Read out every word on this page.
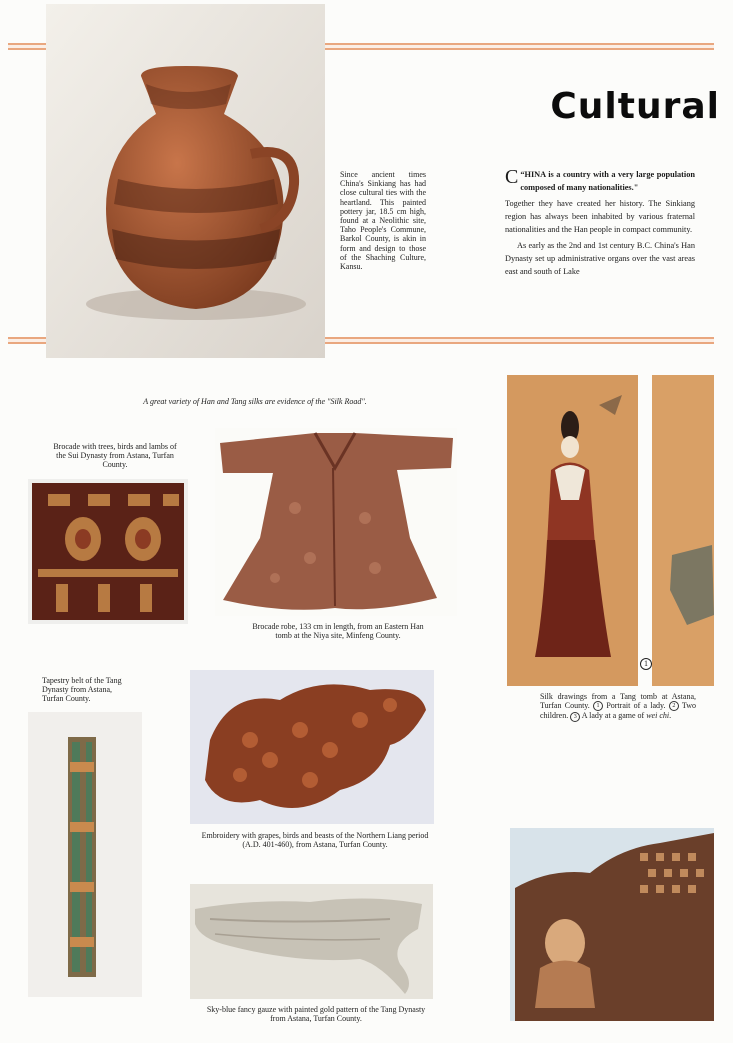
Since ancient times China's Sinkiang has had close cultural ties with the heartland. This painted pottery jar, 18.5 cm high, found at a Neolithic site, Taho People's Commune, Barkol County, is akin in form and design to those of the Shaching Culture, Kansu.
Cultural

“
C HINA is a country with a very large population composed of many nationalities."

Together they have created her history. The Sinkiang region has always been inhabited by various fraternal nationalities and the Han people in compact community.

As early as the 2nd and 1st century B.C. China's Han Dynasty set up administrative organs over the vast areas east and south of Lake

A great variety of Han and Tang silks are evidence of the "Silk Road".
Brocade with trees, birds and lambs of the Sui Dynasty from Astana, Turfan County.
Brocade robe, 133 cm in length, from an Eastern Han tomb at the Niya site, Minfeng County.
1
Silk drawings from a Tang tomb at Astana, Turfan County. 1 Portrait of a lady. 2 Two children. 3 A lady at a game of wei chi.
Tapestry belt of the Tang Dynasty from Astana, Turfan County.
Embroidery with grapes, birds and beasts of the Northern Liang period (A.D. 401-460), from Astana, Turfan County.
Sky-blue fancy gauze with painted gold pattern of the Tang Dynasty from Astana, Turfan County.
